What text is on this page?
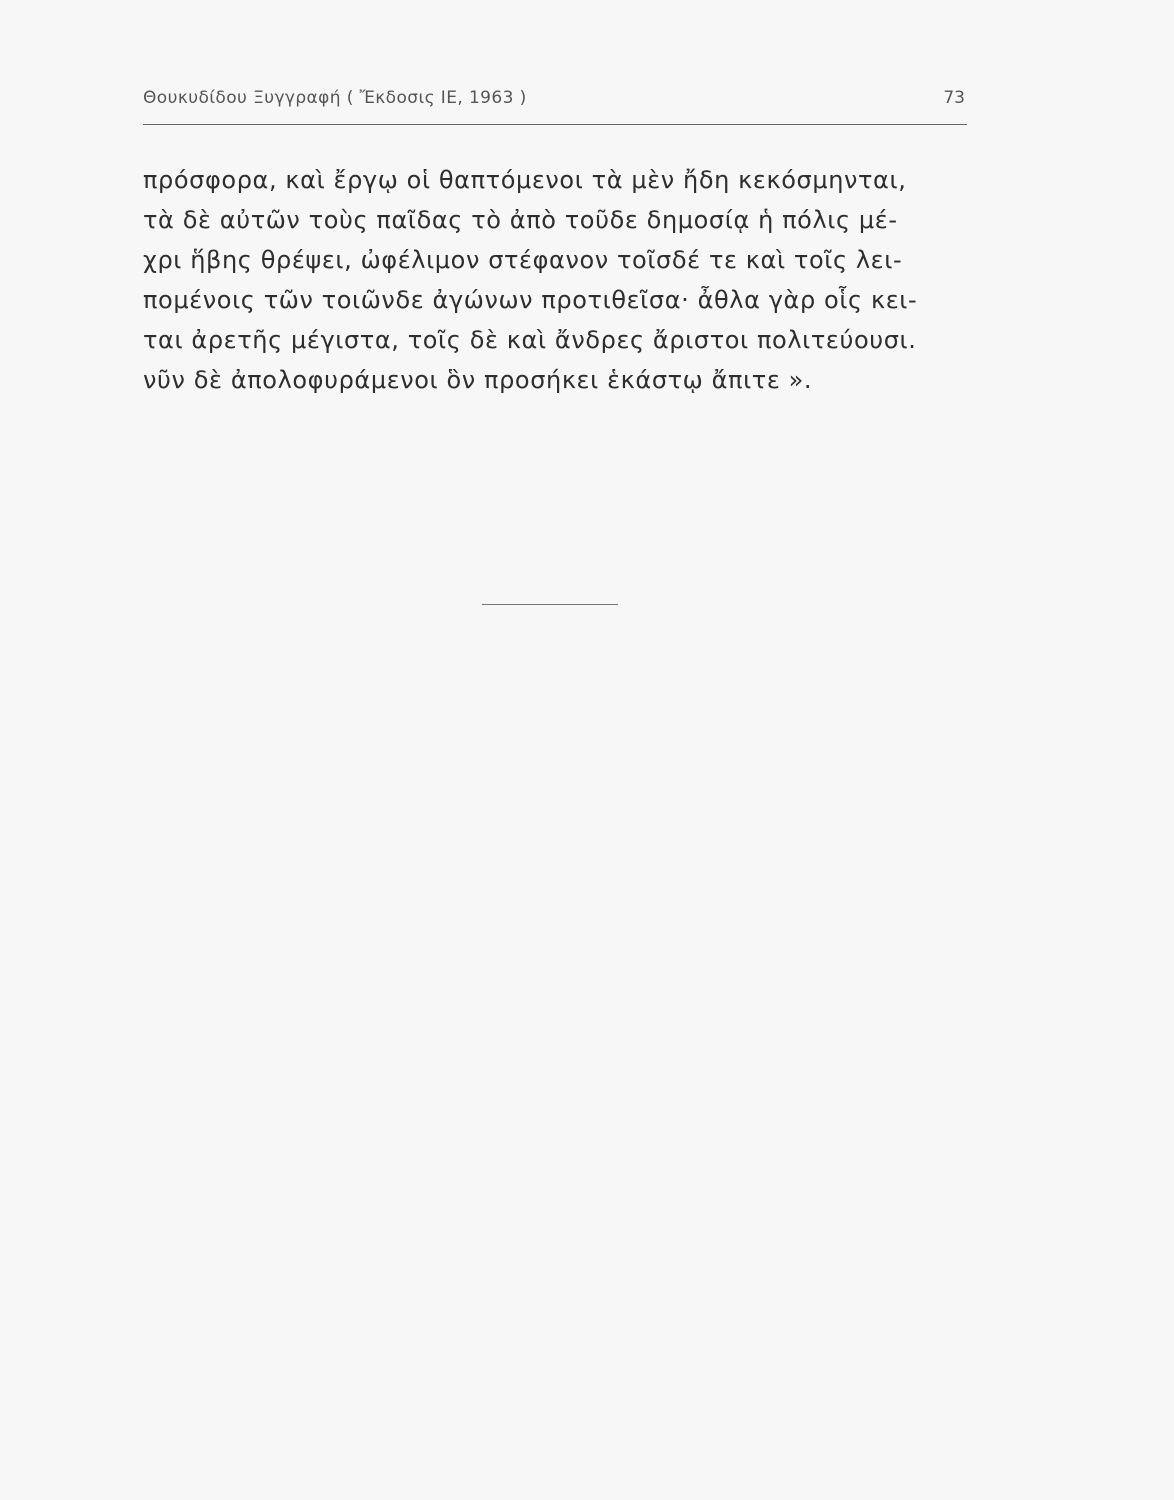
Θουκυδίδου Ξυγγραφή ( Ἔκδοσις ΙΕ, 1963 )	73
πρόσφορα, καὶ ἔργῳ οἱ θαπτόμενοι τὰ μὲν ἤδη κεκόσμηνται,
τὰ δὲ αὐτῶν τοὺς παῖδας τὸ ἀπὸ τοῦδε δημοσίᾳ ἡ πόλις μέ-
χρι ἥβης θρέψει, ὠφέλιμον στέφανον τοῖσδέ τε καὶ τοῖς λει-
πομένοις τῶν τοιῶνδε ἀγώνων προτιθεῖσα· ἆθλα γὰρ οἷς κει-
ται ἀρετῆς μέγιστα, τοῖς δὲ καὶ ἄνδρες ἄριστοι πολιτεύουσι.
νῦν δὲ ἀπολοφυράμενοι ὃν προσήκει ἑκάστῳ ἄπιτε ».
